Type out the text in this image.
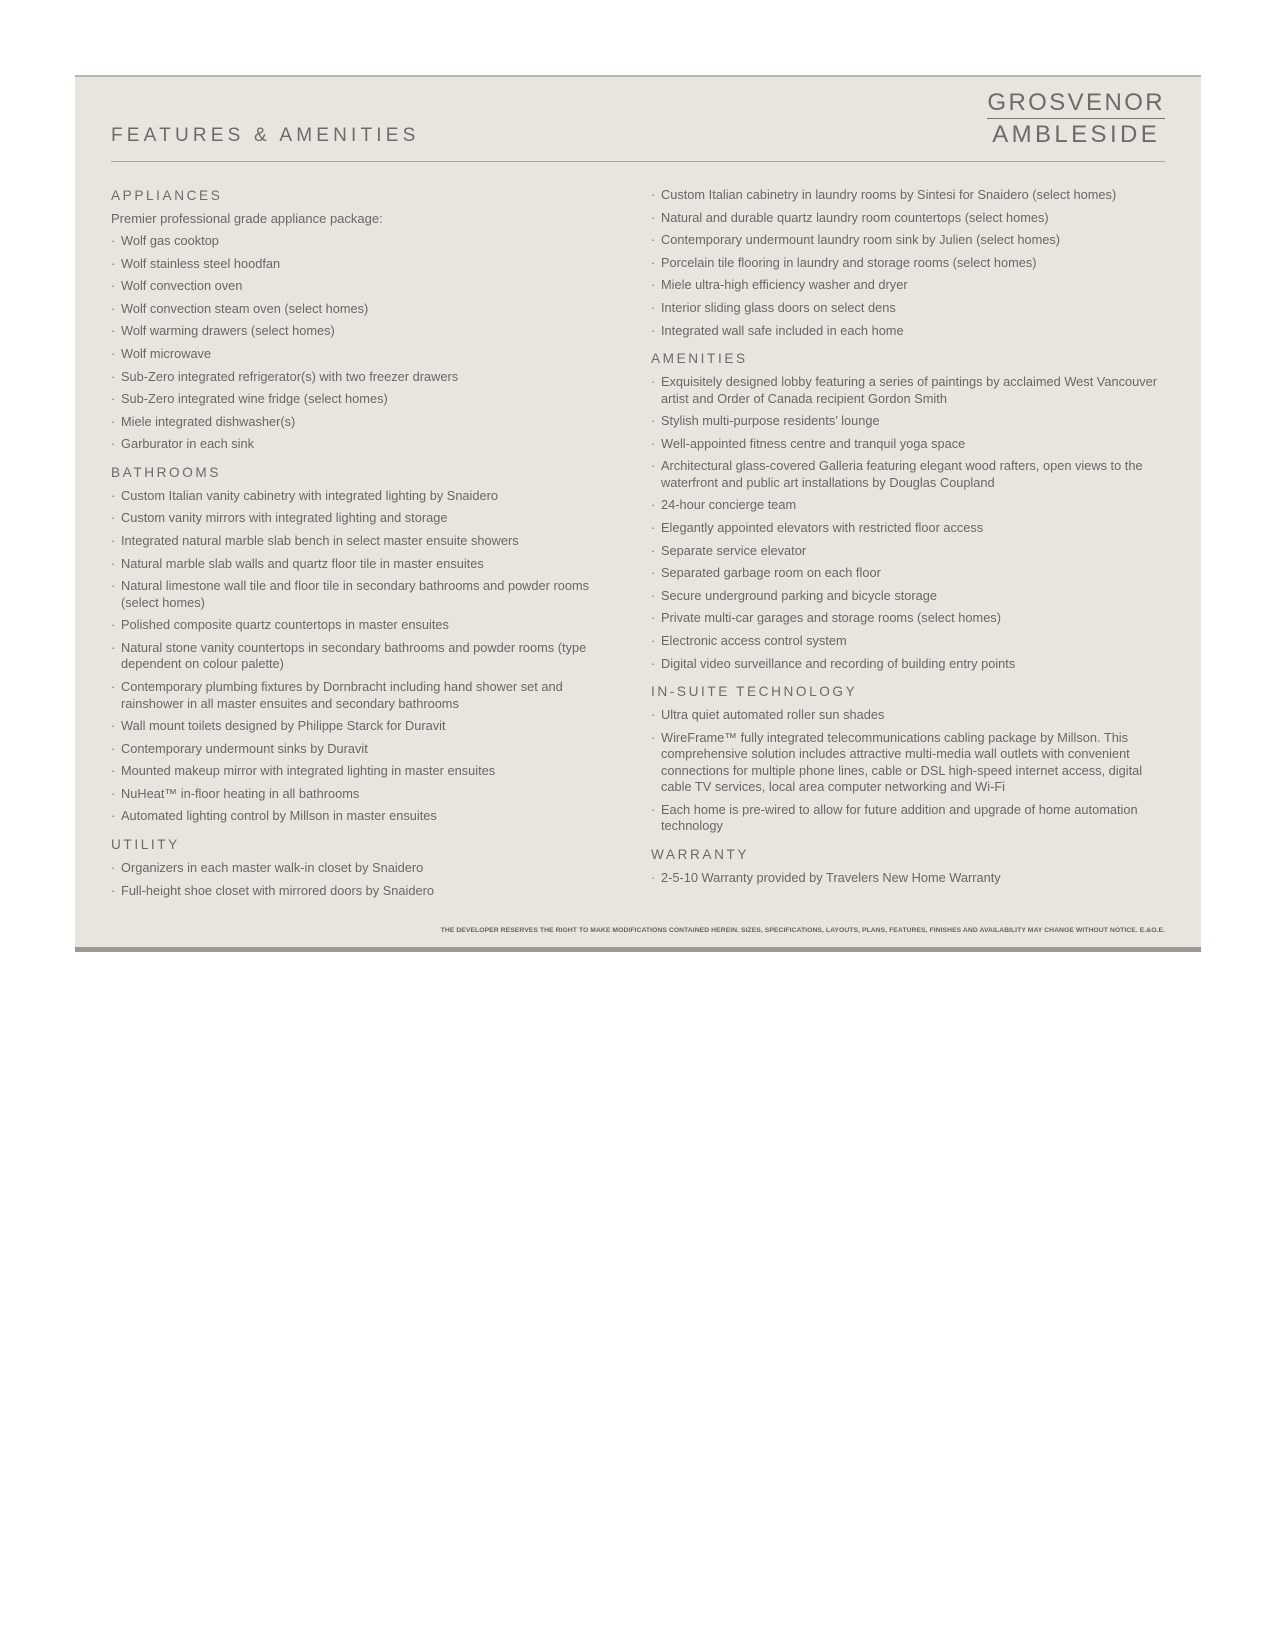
FEATURES & AMENITIES
GROSVENOR
AMBLESIDE
APPLIANCES

Premier professional grade appliance package:

· Wolf gas cooktop
· Wolf stainless steel hoodfan
· Wolf convection oven
· Wolf convection steam oven (select homes)
· Wolf warming drawers (select homes)
· Wolf microwave
· Sub-Zero integrated refrigerator(s) with two freezer drawers
· Sub-Zero integrated wine fridge (select homes)
· Miele integrated dishwasher(s)
· Garburator in each sink
BATHROOMS
· Custom Italian vanity cabinetry with integrated lighting by Snaidero
· Custom vanity mirrors with integrated lighting and storage
· Integrated natural marble slab bench in select master ensuite showers
· Natural marble slab walls and quartz floor tile in master ensuites
· Natural limestone wall tile and floor tile in secondary bathrooms and powder rooms (select homes)
· Polished composite quartz countertops in master ensuites
· Natural stone vanity countertops in secondary bathrooms and powder rooms (type dependent on colour palette)
· Contemporary plumbing fixtures by Dornbracht including hand shower set and rainshower in all master ensuites and secondary bathrooms
· Wall mount toilets designed by Philippe Starck for Duravit
· Contemporary undermount sinks by Duravit
· Mounted makeup mirror with integrated lighting in master ensuites
· NuHeat™ in-floor heating in all bathrooms
· Automated lighting control by Millson in master ensuites
UTILITY
· Organizers in each master walk-in closet by Snaidero
· Full-height shoe closet with mirrored doors by Snaidero
· Custom Italian cabinetry in laundry rooms by Sintesi for Snaidero (select homes)
· Natural and durable quartz laundry room countertops (select homes)
· Contemporary undermount laundry room sink by Julien (select homes)
· Porcelain tile flooring in laundry and storage rooms (select homes)
· Miele ultra-high efficiency washer and dryer
· Interior sliding glass doors on select dens
· Integrated wall safe included in each home
AMENITIES
· Exquisitely designed lobby featuring a series of paintings by acclaimed West Vancouver artist and Order of Canada recipient Gordon Smith
· Stylish multi-purpose residents’ lounge
· Well-appointed fitness centre and tranquil yoga space
· Architectural glass-covered Galleria featuring elegant wood rafters, open views to the waterfront and public art installations by Douglas Coupland
· 24-hour concierge team
· Elegantly appointed elevators with restricted floor access
· Separate service elevator
· Separated garbage room on each floor
· Secure underground parking and bicycle storage
· Private multi-car garages and storage rooms (select homes)
· Electronic access control system
· Digital video surveillance and recording of building entry points
IN-SUITE TECHNOLOGY
· Ultra quiet automated roller sun shades
· WireFrame™ fully integrated telecommunications cabling package by Millson. This comprehensive solution includes attractive multi-media wall outlets with convenient connections for multiple phone lines, cable or DSL high-speed internet access, digital cable TV services, local area computer networking and Wi-Fi
· Each home is pre-wired to allow for future addition and upgrade of home automation technology
WARRANTY
· 2-5-10 Warranty provided by Travelers New Home Warranty

THE DEVELOPER RESERVES THE RIGHT TO MAKE MODIFICATIONS CONTAINED HEREIN. SIZES, SPECIFICATIONS, LAYOUTS, PLANS, FEATURES, FINISHES AND AVAILABILITY MAY CHANGE WITHOUT NOTICE. E.&O.E.
